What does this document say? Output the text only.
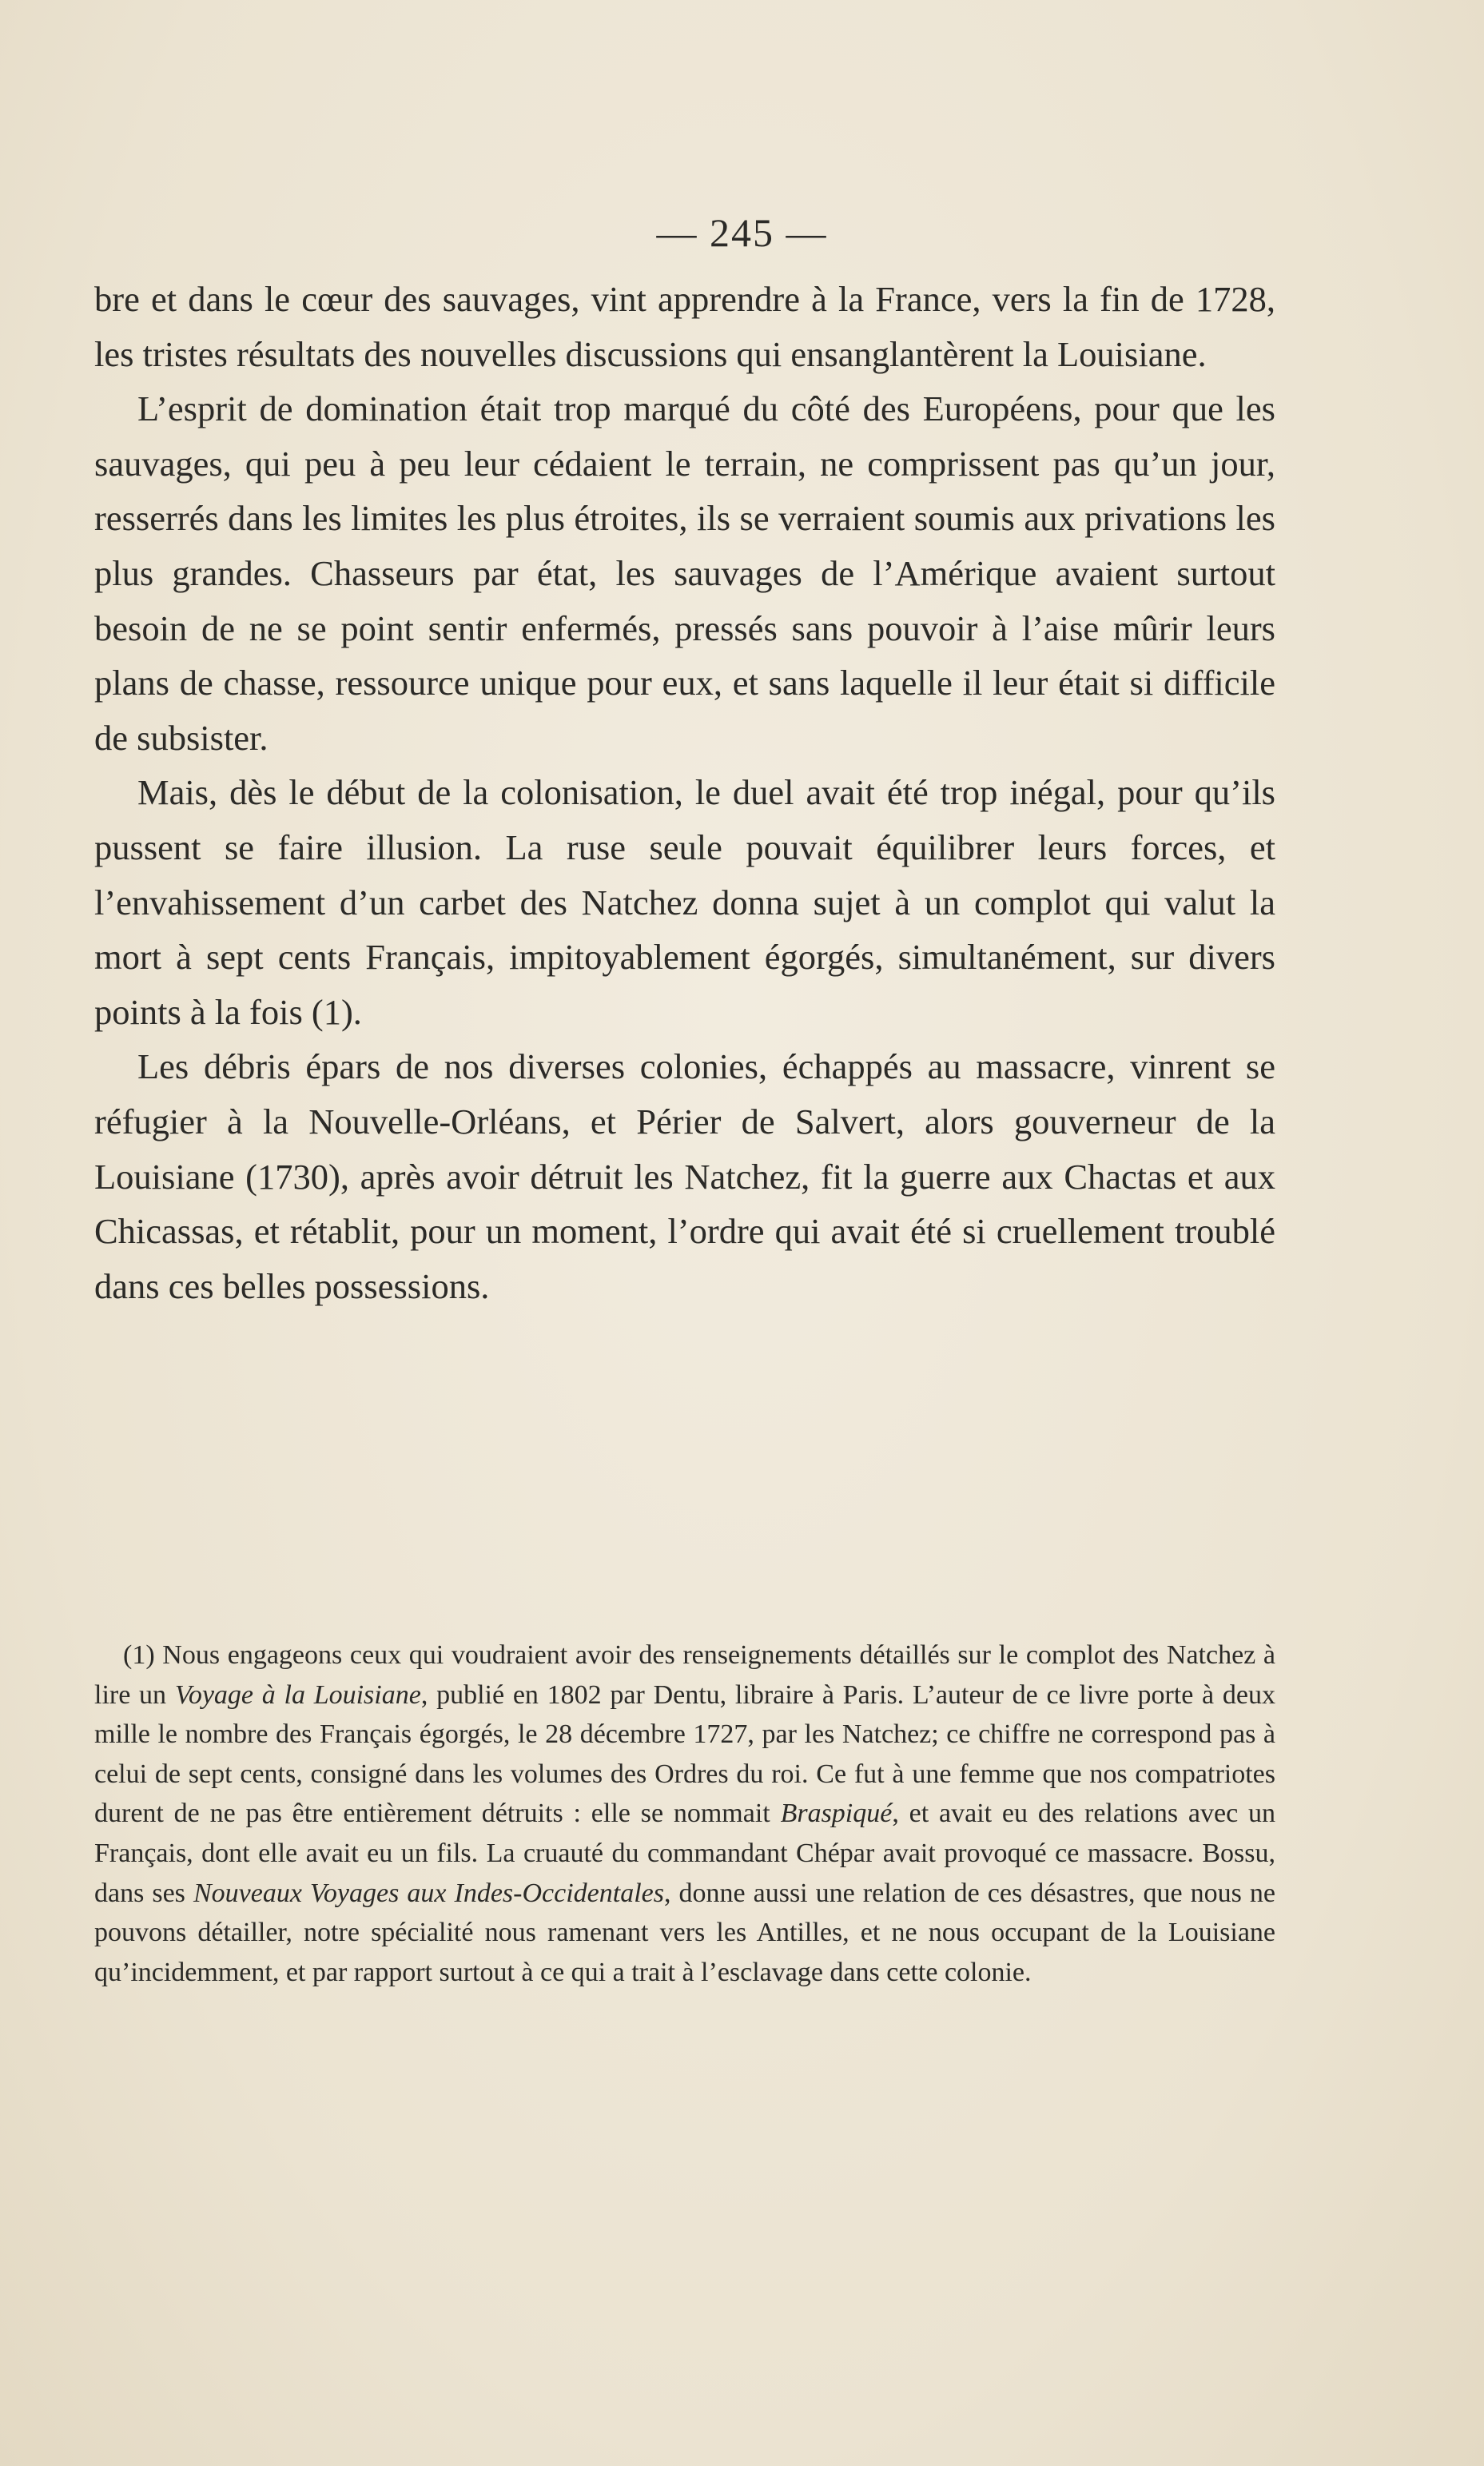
— 245 —

bre et dans le cœur des sauvages, vint apprendre à la France, vers la fin de 1728, les tristes résultats des nouvelles discussions qui ensanglantèrent la Louisiane.

L’esprit de domination était trop marqué du côté des Européens, pour que les sauvages, qui peu à peu leur cédaient le terrain, ne comprissent pas qu’un jour, resserrés dans les limites les plus étroites, ils se verraient soumis aux privations les plus grandes. Chasseurs par état, les sauvages de l’Amérique avaient surtout besoin de ne se point sentir enfermés, pressés sans pouvoir à l’aise mûrir leurs plans de chasse, ressource unique pour eux, et sans laquelle il leur était si difficile de subsister.

Mais, dès le début de la colonisation, le duel avait été trop inégal, pour qu’ils pussent se faire illusion. La ruse seule pouvait équilibrer leurs forces, et l’envahissement d’un carbet des Natchez donna sujet à un complot qui valut la mort à sept cents Français, impitoyablement égorgés, simultanément, sur divers points à la fois (1).

Les débris épars de nos diverses colonies, échappés au massacre, vinrent se réfugier à la Nouvelle-Orléans, et Périer de Salvert, alors gouverneur de la Louisiane (1730), après avoir détruit les Natchez, fit la guerre aux Chactas et aux Chicassas, et rétablit, pour un moment, l’ordre qui avait été si cruellement troublé dans ces belles possessions.

(1) Nous engageons ceux qui voudraient avoir des renseignements détaillés sur le complot des Natchez à lire un Voyage à la Louisiane, publié en 1802 par Dentu, libraire à Paris. L’auteur de ce livre porte à deux mille le nombre des Français égorgés, le 28 décembre 1727, par les Natchez; ce chiffre ne correspond pas à celui de sept cents, consigné dans les volumes des Ordres du roi. Ce fut à une femme que nos compatriotes durent de ne pas être entièrement détruits : elle se nommait Braspiqué, et avait eu des relations avec un Français, dont elle avait eu un fils. La cruauté du commandant Chépar avait provoqué ce massacre. Bossu, dans ses Nouveaux Voyages aux Indes-Occidentales, donne aussi une relation de ces désastres, que nous ne pouvons détailler, notre spécialité nous ramenant vers les Antilles, et ne nous occupant de la Louisiane qu’incidemment, et par rapport surtout à ce qui a trait à l’esclavage dans cette colonie.
